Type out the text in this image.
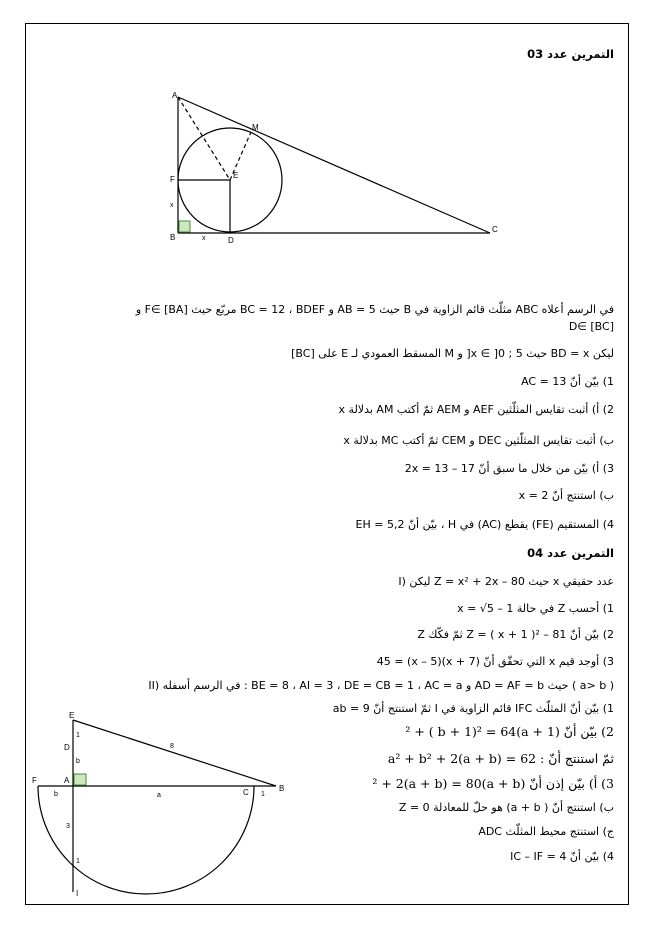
التمرين عدد 03
A
M
E
F
B	D
C
x
x
في الرسم أعلاه ABC مثلّث قائم الزاوية في B حيث AB = 5 و BC = 12 ، BDEF مربّع حيث F∈ [BA] و
D∈ [BC]
ليكن BD = x حيث x ∈ ]0 ; 5[ و M المسقط العمودي لـ E على [BC]
1) بيّن أنّ AC = 13
2) أ) أثبت تقايس المثلّثين AEF و AEM ثمّ أكتب AM بدلالة x
ب) أثبت تقايس المثلّثين DEC و CEM ثمّ أكتب MC بدلالة x
3) أ) بيّن من خلال ما سبق أنّ 17 – 2x = 13
ب) استنتج أنّ x = 2
4) المستقيم (FE) يقطع (AC) في H ، بيّن أنّ EH = 5,2
التمرين عدد 04
I) ليكن Z = x² + 2x – 80 حيث x عدد حقيقي
1) أحسب Z في حالة x = √5 – 1
2) بيّن أنّ Z = ( x + 1 )² – 81 ثمّ فكّك Z
3) أوجد قيم x التي تحقّق أنّ (x + 7)(x – 5) = 45
II) في الرسم أسفله : BE = 8 ، AI = 3 ، DE = CB = 1 ، AC = a و AD = AF = b حيث ( a> b )
1) بيّن أنّ المثلّث IFC قائم الزاوية في I ثمّ استنتج أنّ ab = 9
2) بيّن أنّ (a + 1)² + ( b + 1)² = 64
ثمّ استنتج أنّ : a² + b² + 2(a + b) = 62
3) أ) بيّن إذن أنّ (a + b)² + 2(a + b) = 80
ب) استنتج أنّ ( a + b) هو حلّ للمعادلة Z = 0
ج) استنتج محيط المثلّث ADC
4) بيّن أنّ IC – IF = 4
E
D
A
F
B
C
I
b	a
8
3
1
b
1
1
